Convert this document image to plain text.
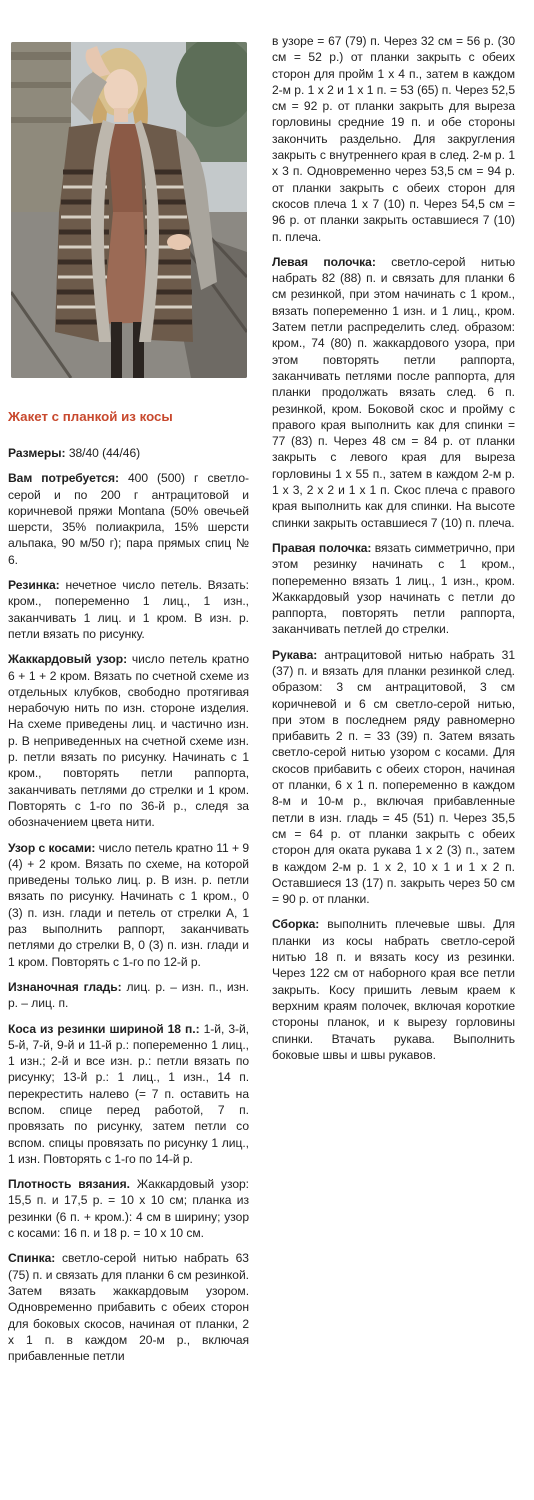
Жакет с планкой из косы
Размеры: 38/40 (44/46)
Вам потребуется: 400 (500) г светло-серой и по 200 г антрацитовой и коричневой пряжи Montana (50% овечьей шерсти, 35% полиакрила, 15% шерсти альпака, 90 м/50 г); пара прямых спиц № 6.
Резинка: нечетное число петель. Вязать: кром., попеременно 1 лиц., 1 изн., заканчивать 1 лиц. и 1 кром. В изн. р. петли вязать по рисунку.
Жаккардовый узор: число петель кратно 6 + 1 + 2 кром. Вязать по счетной схеме из отдельных клубков, свободно протягивая нерабочую нить по изн. стороне изделия. На схеме приведены лиц. и частично изн. р. В неприведенных на счетной схеме изн. р. петли вязать по рисунку. Начинать с 1 кром., повторять петли раппорта, заканчивать петлями до стрелки и 1 кром. Повторять с 1-го по 36-й р., следя за обозначением цвета нити.
Узор с косами: число петель кратно 11 + 9 (4) + 2 кром. Вязать по схеме, на которой приведены только лиц. р. В изн. р. петли вязать по рисунку. Начинать с 1 кром., 0 (3) п. изн. глади и петель от стрелки А, 1 раз выполнить раппорт, заканчивать петлями до стрелки В, 0 (3) п. изн. глади и 1 кром. Повторять с 1-го по 12-й р.
Изнаночная гладь: лиц. р. – изн. п., изн. р. – лиц. п.
Коса из резинки шириной 18 п.: 1-й, 3-й, 5-й, 7-й, 9-й и 11-й р.: попеременно 1 лиц., 1 изн.; 2-й и все изн. р.: петли вязать по рисунку; 13-й р.: 1 лиц., 1 изн., 14 п. перекрестить налево (= 7 п. оставить на вспом. спице перед работой, 7 п. провязать по рисунку, затем петли со вспом. спицы провязать по рисунку 1 лиц., 1 изн. Повторять с 1-го по 14-й р.
Плотность вязания. Жаккардовый узор: 15,5 п. и 17,5 р. = 10 х 10 см; планка из резинки (6 п. + кром.): 4 см в ширину; узор с косами: 16 п. и 18 р. = 10 х 10 см.
Спинка: светло-серой нитью набрать 63 (75) п. и связать для планки 6 см резинкой. Затем вязать жаккардовым узором. Одновременно прибавить с обеих сторон для боковых скосов, начиная от планки, 2 х 1 п. в каждом 20-м р., включая прибавленные петли
в узоре = 67 (79) п. Через 32 см = 56 р. (30 см = 52 р.) от планки закрыть с обеих сторон для пройм 1 х 4 п., затем в каждом 2-м р. 1 х 2 и 1 х 1 п. = 53 (65) п. Через 52,5 см = 92 р. от планки закрыть для выреза горловины средние 19 п. и обе стороны закончить раздельно. Для закругления закрыть с внутреннего края в след. 2-м р. 1 х 3 п. Одновременно через 53,5 см = 94 р. от планки закрыть с обеих сторон для скосов плеча 1 х 7 (10) п. Через 54,5 см = 96 р. от планки закрыть оставшиеся 7 (10) п. плеча.
Левая полочка: светло-серой нитью набрать 82 (88) п. и связать для планки 6 см резинкой, при этом начинать с 1 кром., вязать попеременно 1 изн. и 1 лиц., кром. Затем петли распределить след. образом: кром., 74 (80) п. жаккардового узора, при этом повторять петли раппорта, заканчивать петлями после раппорта, для планки продолжать вязать след. 6 п. резинкой, кром. Боковой скос и пройму с правого края выполнить как для спинки = 77 (83) п. Через 48 см = 84 р. от планки закрыть с левого края для выреза горловины 1 х 55 п., затем в каждом 2-м р. 1 х 3, 2 х 2 и 1 х 1 п. Скос плеча с правого края выполнить как для спинки. На высоте спинки закрыть оставшиеся 7 (10) п. плеча.
Правая полочка: вязать симметрично, при этом резинку начинать с 1 кром., попеременно вязать 1 лиц., 1 изн., кром. Жаккардовый узор начинать с петли до раппорта, повторять петли раппорта, заканчивать петлей до стрелки.
Рукава: антрацитовой нитью набрать 31 (37) п. и вязать для планки резинкой след. образом: 3 см антрацитовой, 3 см коричневой и 6 см светло-серой нитью, при этом в последнем ряду равномерно прибавить 2 п. = 33 (39) п. Затем вязать светло-серой нитью узором с косами. Для скосов прибавить с обеих сторон, начиная от планки, 6 х 1 п. попеременно в каждом 8-м и 10-м р., включая прибавленные петли в изн. гладь = 45 (51) п. Через 35,5 см = 64 р. от планки закрыть с обеих сторон для оката рукава 1 х 2 (3) п., затем в каждом 2-м р. 1 х 2, 10 х 1 и 1 х 2 п. Оставшиеся 13 (17) п. закрыть через 50 см = 90 р. от планки.
Сборка: выполнить плечевые швы. Для планки из косы набрать светло-серой нитью 18 п. и вязать косу из резинки. Через 122 см от наборного края все петли закрыть. Косу пришить левым краем к верхним краям полочек, включая короткие стороны планок, и к вырезу горловины спинки. Втачать рукава. Выполнить боковые швы и швы рукавов.
